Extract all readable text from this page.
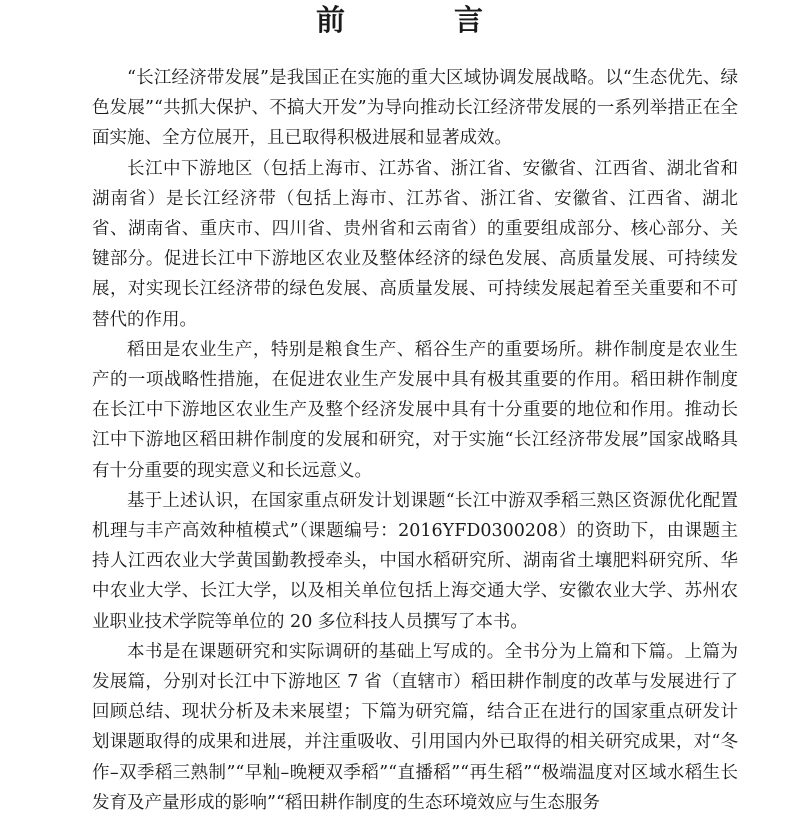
前　言

“长江经济带发展”是我国正在实施的重大区域协调发展战略。以“生态优先、绿色发展”“共抓大保护、不搞大开发”为导向推动长江经济带发展的一系列举措正在全面实施、全方位展开，且已取得积极进展和显著成效。

长江中下游地区（包括上海市、江苏省、浙江省、安徽省、江西省、湖北省和湖南省）是长江经济带（包括上海市、江苏省、浙江省、安徽省、江西省、湖北省、湖南省、重庆市、四川省、贵州省和云南省）的重要组成部分、核心部分、关键部分。促进长江中下游地区农业及整体经济的绿色发展、高质量发展、可持续发展，对实现长江经济带的绿色发展、高质量发展、可持续发展起着至关重要和不可替代的作用。

稻田是农业生产，特别是粮食生产、稻谷生产的重要场所。耕作制度是农业生产的一项战略性措施，在促进农业生产发展中具有极其重要的作用。稻田耕作制度在长江中下游地区农业生产及整个经济发展中具有十分重要的地位和作用。推动长江中下游地区稻田耕作制度的发展和研究，对于实施“长江经济带发展”国家战略具有十分重要的现实意义和长远意义。

基于上述认识，在国家重点研发计划课题“长江中游双季稻三熟区资源优化配置机理与丰产高效种植模式”（课题编号：2016YFD0300208）的资助下，由课题主持人江西农业大学黄国勤教授牵头，中国水稻研究所、湖南省土壤肥料研究所、华中农业大学、长江大学，以及相关单位包括上海交通大学、安徽农业大学、苏州农业职业技术学院等单位的 20 多位科技人员撰写了本书。

本书是在课题研究和实际调研的基础上写成的。全书分为上篇和下篇。上篇为发展篇，分别对长江中下游地区 7 省（直辖市）稻田耕作制度的改革与发展进行了回顾总结、现状分析及未来展望；下篇为研究篇，结合正在进行的国家重点研发计划课题取得的成果和进展，并注重吸收、引用国内外已取得的相关研究成果，对“冬作–双季稻三熟制”“早籼–晚粳双季稻”“直播稻”“再生稻”“极端温度对区域水稻生长发育及产量形成的影响”“稻田耕作制度的生态环境效应与生态服务
